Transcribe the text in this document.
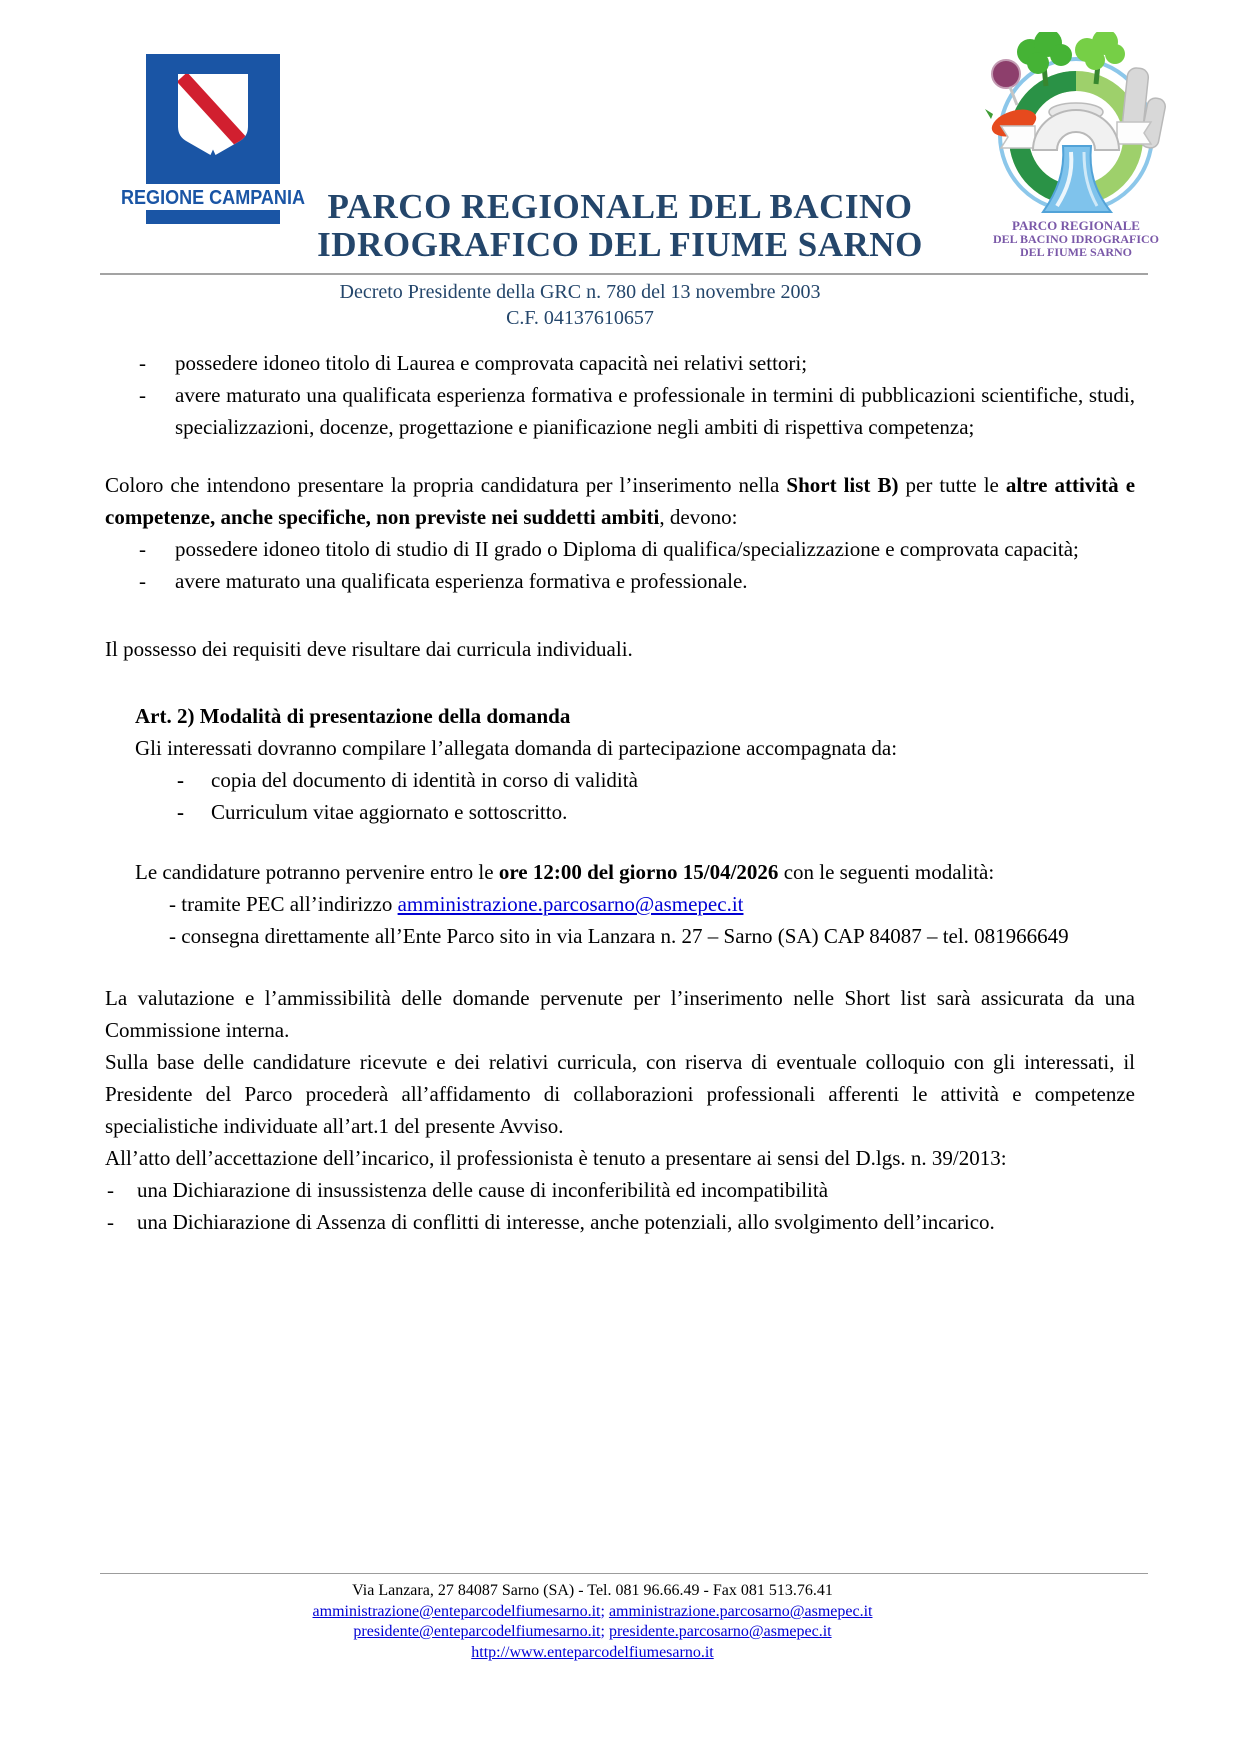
REGIONE CAMPANIA PARCO REGIONALE DEL BACINO
IDROGRAFICO DEL FIUME SARNO	PARCO REGIONALE
DEL BACINO IDROGRAFICO
DEL FIUME SARNO
Decreto Presidente della GRC n. 780 del 13 novembre 2003
C.F. 04137610657
-	possedere idoneo titolo di Laurea e comprovata capacità nei relativi settori;
-	avere maturato una qualificata esperienza formativa e professionale in termini di pubblicazioni scientifiche, studi, specializzazioni, docenze, progettazione e pianificazione negli ambiti di rispettiva competenza;

Coloro che intendono presentare la propria candidatura per l’inserimento nella Short list B) per tutte le altre attività e competenze, anche specifiche, non previste nei suddetti ambiti, devono:

-	possedere idoneo titolo di studio di II grado o Diploma di qualifica/specializzazione e comprovata capacità;
-	avere maturato una qualificata esperienza formativa e professionale.

Il possesso dei requisiti deve risultare dai curricula individuali.

Art. 2) Modalità di presentazione della domanda

Gli interessati dovranno compilare l’allegata domanda di partecipazione accompagnata da:

-	copia del documento di identità in corso di validità
-	Curriculum vitae aggiornato e sottoscritto.

Le candidature potranno pervenire entro le ore 12:00 del giorno 15/04/2026 con le seguenti modalità:

- tramite PEC all’indirizzo amministrazione.parcosarno@asmepec.it

- consegna direttamente all’Ente Parco sito in via Lanzara n. 27 – Sarno (SA) CAP 84087 – tel. 081966649

La valutazione e l’ammissibilità delle domande pervenute per l’inserimento nelle Short list sarà assicurata da una Commissione interna.

Sulla base delle candidature ricevute e dei relativi curricula, con riserva di eventuale colloquio con gli interessati, il Presidente del Parco procederà all’affidamento di collaborazioni professionali afferenti le attività e competenze specialistiche individuate all’art.1 del presente Avviso.

All’atto dell’accettazione dell’incarico, il professionista è tenuto a presentare ai sensi del D.lgs. n. 39/2013:

-	una Dichiarazione di insussistenza delle cause di inconferibilità ed incompatibilità
-	una Dichiarazione di Assenza di conflitti di interesse, anche potenziali, allo svolgimento dell’incarico.
Via Lanzara, 27 84087 Sarno (SA) - Tel. 081 96.66.49 - Fax 081 513.76.41
amministrazione@enteparcodelfiumesarno.it; amministrazione.parcosarno@asmepec.it
presidente@enteparcodelfiumesarno.it; presidente.parcosarno@asmepec.it
http://www.enteparcodelfiumesarno.it
